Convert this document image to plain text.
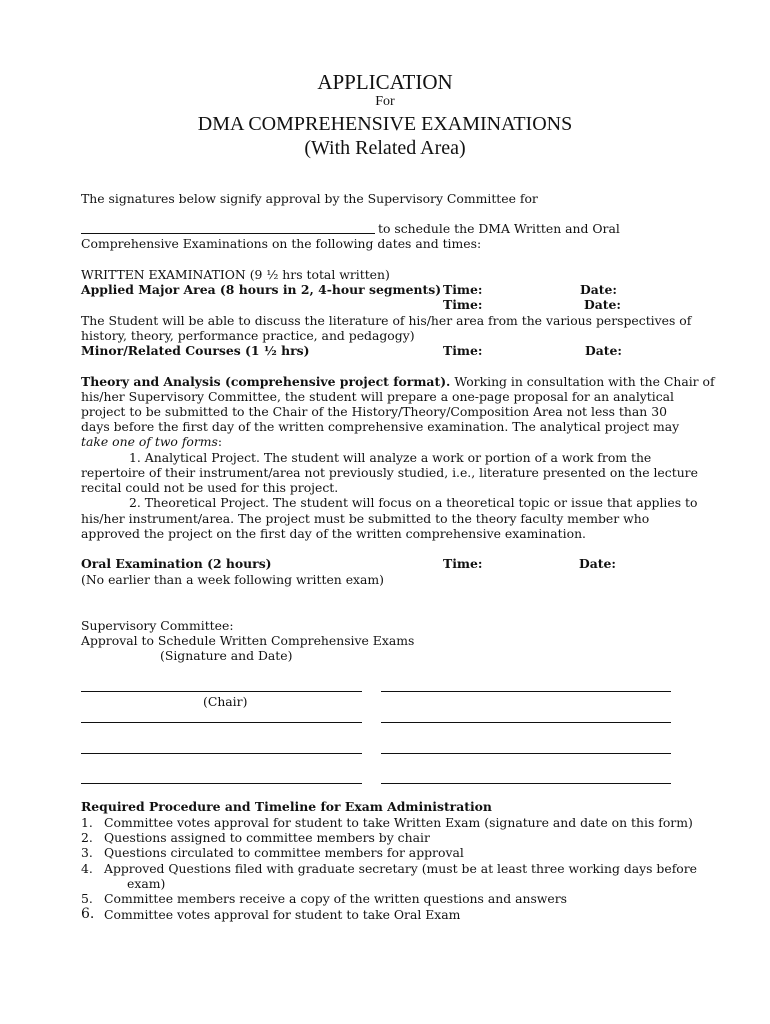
APPLICATION
For
DMA COMPREHENSIVE EXAMINATIONS
(With Related Area)
The signatures below signify approval by the Supervisory Committee for
to schedule the DMA Written and Oral
Comprehensive Examinations on the following dates and times:
WRITTEN EXAMINATION (9 ½ hrs total written)
Applied Major Area (8 hours in 2, 4-hour segments) Time:	Date:
Time:	Date:
The Student will be able to discuss the literature of his/her area from the various perspectives of
history, theory, performance practice, and pedagogy)
Minor/Related Courses (1 ½ hrs)	Time:	Date:
Theory and Analysis (comprehensive project format). Working in consultation with the Chair of
his/her Supervisory Committee, the student will prepare a one-page proposal for an analytical
project to be submitted to the Chair of the History/Theory/Composition Area not less than 30
days before the first day of the written comprehensive examination. The analytical project may
take one of two forms:
1. Analytical Project. The student will analyze a work or portion of a work from the
repertoire of their instrument/area not previously studied, i.e., literature presented on the lecture
recital could not be used for this project.
2. Theoretical Project. The student will focus on a theoretical topic or issue that applies to
his/her instrument/area. The project must be submitted to the theory faculty member who
approved the project on the first day of the written comprehensive examination.
Oral Examination (2 hours)	Time:	Date:
(No earlier than a week following written exam)
Supervisory Committee:
Approval to Schedule Written Comprehensive Exams
(Signature and Date)
(Chair)
Required Procedure and Timeline for Exam Administration
1. Committee votes approval for student to take Written Exam (signature and date on this form)
2. Questions assigned to committee members by chair
3. Questions circulated to committee members for approval
4. Approved Questions filed with graduate secretary (must be at least three working days before
exam)
5. Committee members receive a copy of the written questions and answers
6. Committee votes approval for student to take Oral Exam
